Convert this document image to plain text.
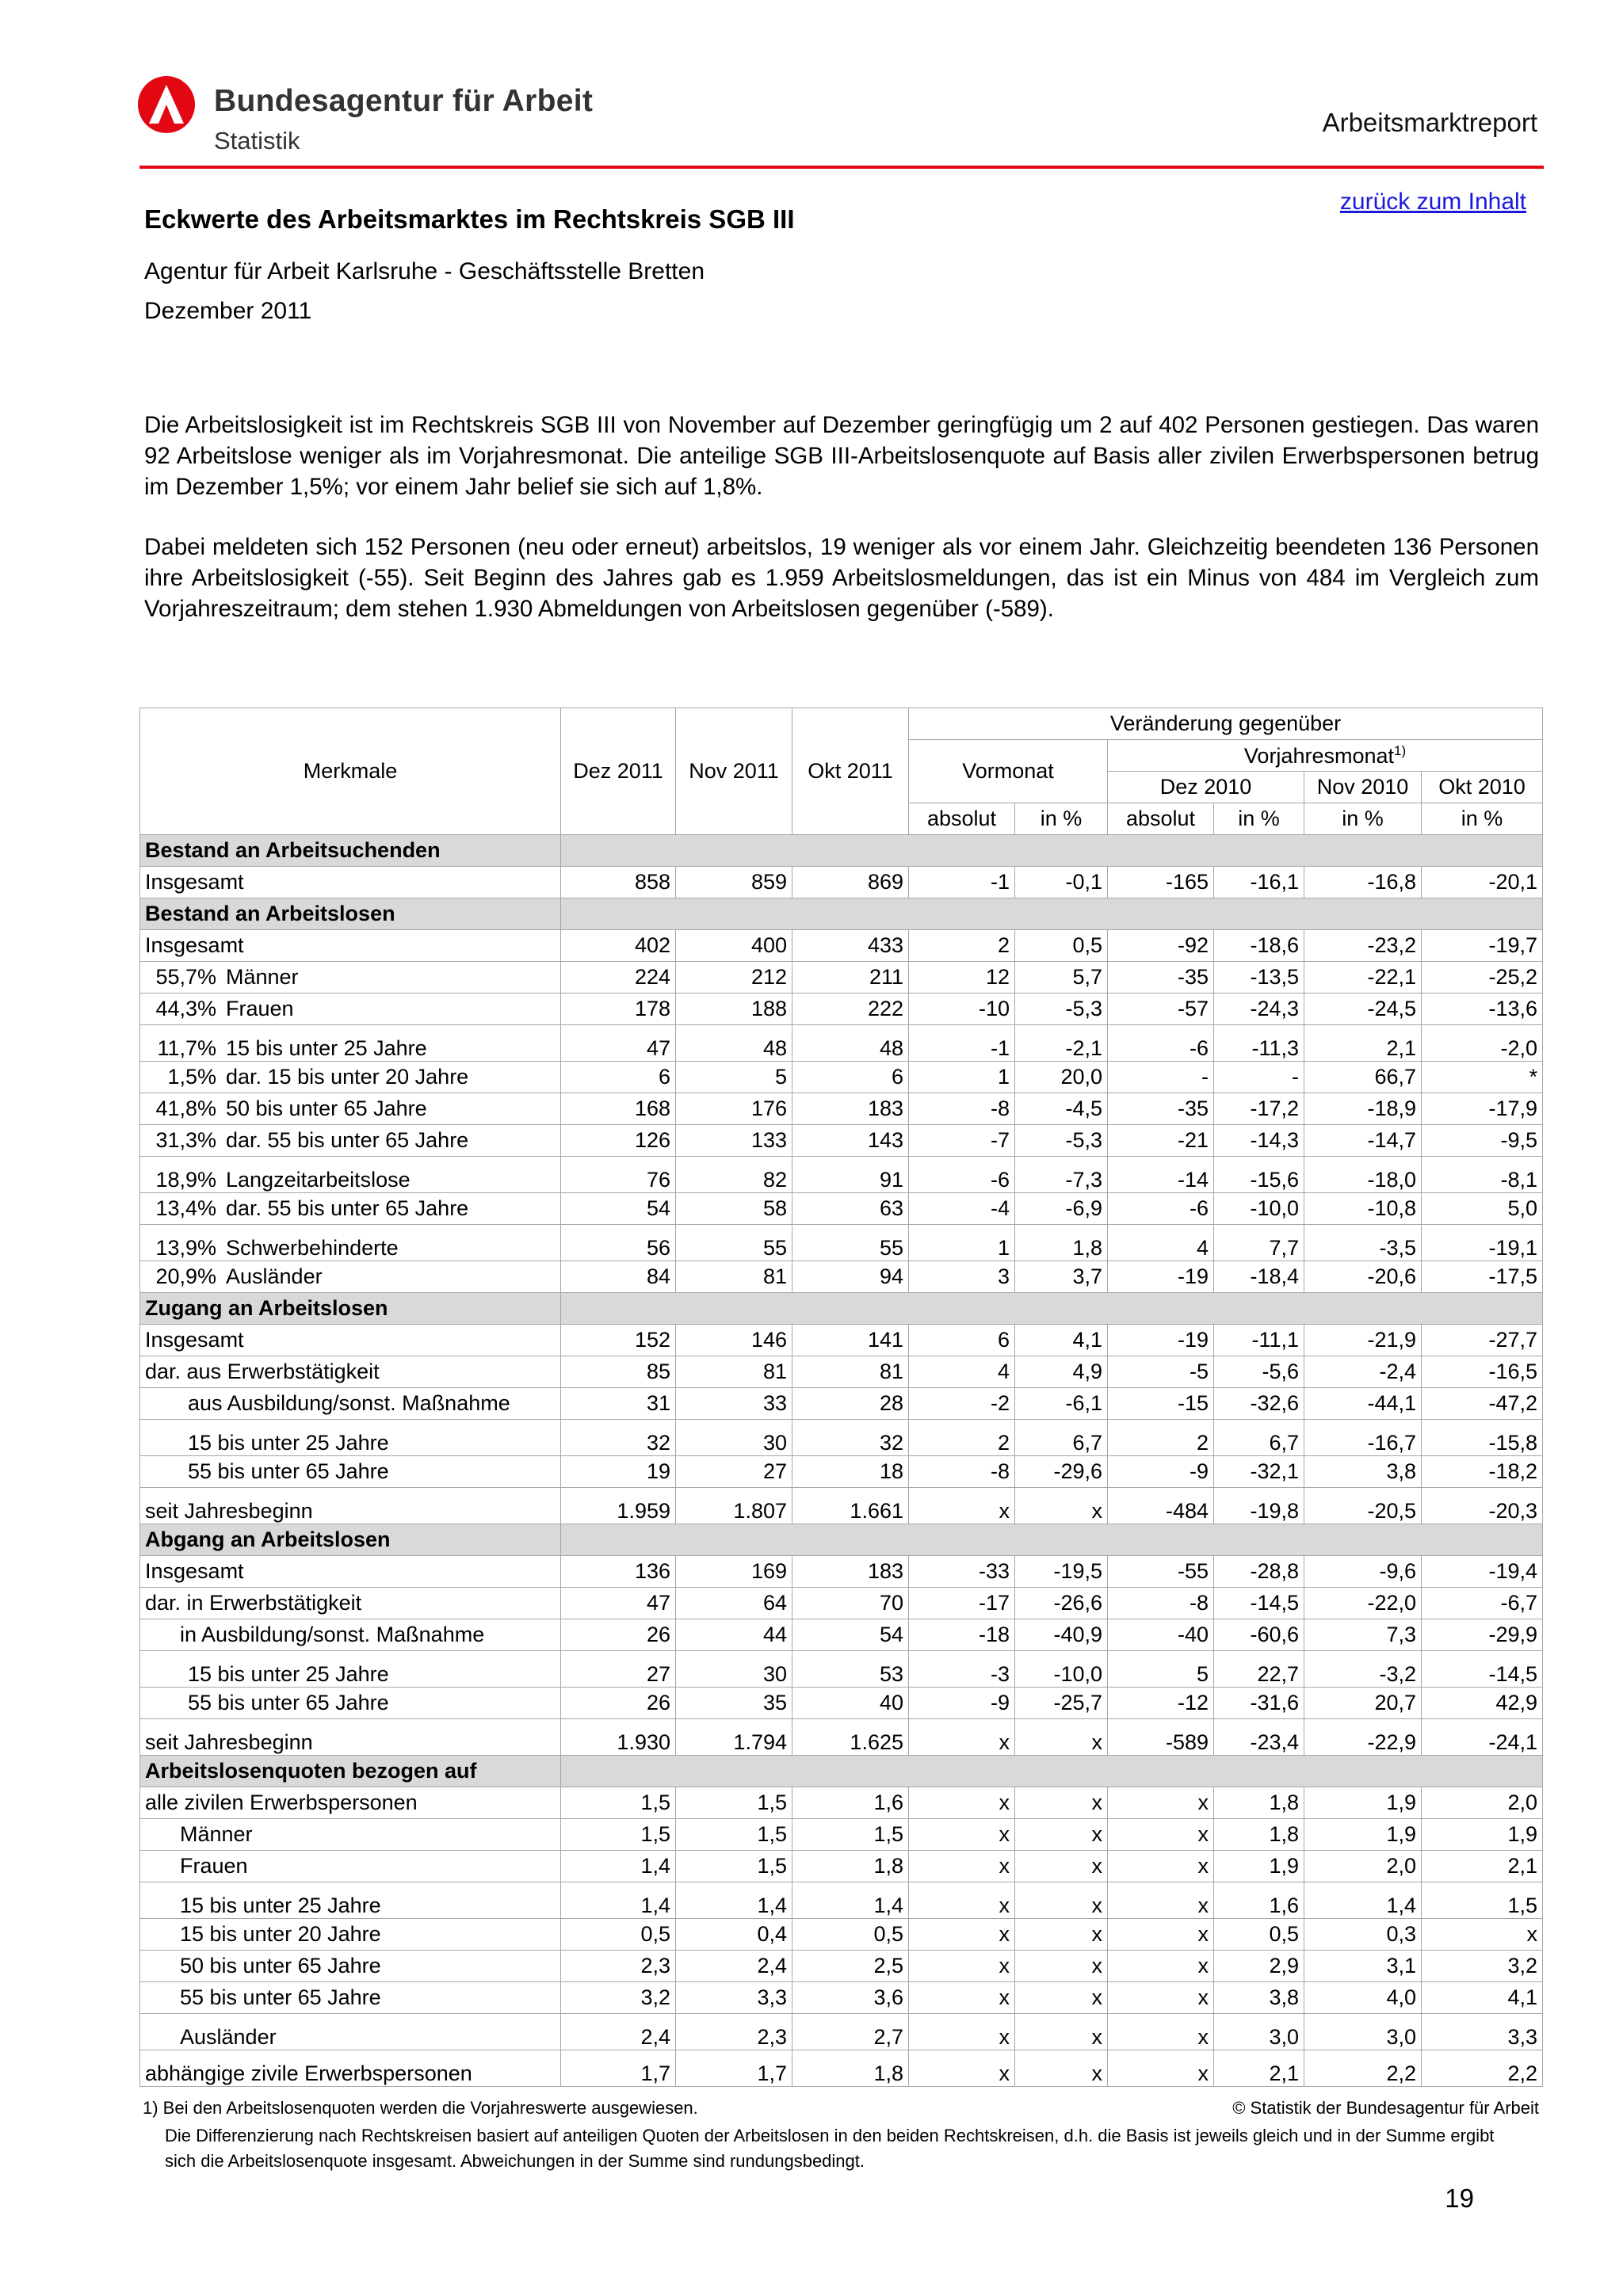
Bundesagentur für Arbeit
Statistik
Arbeitsmarktreport
zurück zum Inhalt
Eckwerte des Arbeitsmarktes im Rechtskreis SGB III
Agentur für Arbeit Karlsruhe - Geschäftsstelle Bretten
Dezember 2011
Die Arbeitslosigkeit ist im Rechtskreis SGB III von November auf Dezember geringfügig um 2 auf 402 Personen gestiegen. Das waren 92 Arbeitslose weniger als im Vorjahresmonat. Die anteilige SGB III-Arbeitslosenquote auf Basis aller zivilen Erwerbspersonen betrug im Dezember 1,5%; vor einem Jahr belief sie sich auf 1,8%.
Dabei meldeten sich 152 Personen (neu oder erneut) arbeitslos, 19 weniger als vor einem Jahr. Gleichzeitig beendeten 136 Personen ihre Arbeitslosigkeit (-55). Seit Beginn des Jahres gab es 1.959 Arbeitslosmeldungen, das ist ein Minus von 484 im Vergleich zum Vorjahreszeitraum; dem stehen 1.930 Abmeldungen von Arbeitslosen gegenüber (-589).
Merkmale	Dez 2011	Nov 2011	Okt 2011	Veränderung gegenüber					
				Vormonat		Vorjahresmonat$^{1)}$
						Dez 2010		Nov 2010	Okt 2010
				absolut	in %	absolut	in %	in %	in %
Bestand an Arbeitsuchenden									
Insgesamt	858	859	869	-1	-0,1	-165	-16,1	-16,8	-20,1
Bestand an Arbeitslosen									
Insgesamt	402	400	433	2	0,5	-92	-18,6	-23,2	-19,7
55,7% Männer	224	212	211	12	5,7	-35	-13,5	-22,1	-25,2
44,3% Frauen	178	188	222	-10	-5,3	-57	-24,3	-24,5	-13,6
11,7% 15 bis unter 25 Jahre	47	48	48	-1	-2,1	-6	-11,3	2,1	-2,0
1,5% dar. 15 bis unter 20 Jahre	6	5	6	1	20,0	-	-	66,7	*
41,8% 50 bis unter 65 Jahre	168	176	183	-8	-4,5	-35	-17,2	-18,9	-17,9
31,3% dar. 55 bis unter 65 Jahre	126	133	143	-7	-5,3	-21	-14,3	-14,7	-9,5
18,9% Langzeitarbeitslose	76	82	91	-6	-7,3	-14	-15,6	-18,0	-8,1
13,4% dar. 55 bis unter 65 Jahre	54	58	63	-4	-6,9	-6	-10,0	-10,8	5,0
13,9% Schwerbehinderte	56	55	55	1	1,8	4	7,7	-3,5	-19,1
20,9% Ausländer	84	81	94	3	3,7	-19	-18,4	-20,6	-17,5
Zugang an Arbeitslosen									
Insgesamt	152	146	141	6	4,1	-19	-11,1	-21,9	-27,7
dar. aus Erwerbstätigkeit	85	81	81	4	4,9	-5	-5,6	-2,4	-16,5
aus Ausbildung/sonst. Maßnahme	31	33	28	-2	-6,1	-15	-32,6	-44,1	-47,2
15 bis unter 25 Jahre	32	30	32	2	6,7	2	6,7	-16,7	-15,8
55 bis unter 65 Jahre	19	27	18	-8	-29,6	-9	-32,1	3,8	-18,2
seit Jahresbeginn	1.959	1.807	1.661	x	x	-484	-19,8	-20,5	-20,3
Abgang an Arbeitslosen									
Insgesamt	136	169	183	-33	-19,5	-55	-28,8	-9,6	-19,4
dar. in Erwerbstätigkeit	47	64	70	-17	-26,6	-8	-14,5	-22,0	-6,7
in Ausbildung/sonst. Maßnahme	26	44	54	-18	-40,9	-40	-60,6	7,3	-29,9
15 bis unter 25 Jahre	27	30	53	-3	-10,0	5	22,7	-3,2	-14,5
55 bis unter 65 Jahre	26	35	40	-9	-25,7	-12	-31,6	20,7	42,9
seit Jahresbeginn	1.930	1.794	1.625	x	x	-589	-23,4	-22,9	-24,1
Arbeitslosenquoten bezogen auf									
alle zivilen Erwerbspersonen	1,5	1,5	1,6	x	x	x	1,8	1,9	2,0
Männer	1,5	1,5	1,5	x	x	x	1,8	1,9	1,9
Frauen	1,4	1,5	1,8	x	x	x	1,9	2,0	2,1
15 bis unter 25 Jahre	1,4	1,4	1,4	x	x	x	1,6	1,4	1,5
15 bis unter 20 Jahre	0,5	0,4	0,5	x	x	x	0,5	0,3	x
50 bis unter 65 Jahre	2,3	2,4	2,5	x	x	x	2,9	3,1	3,2
55 bis unter 65 Jahre	3,2	3,3	3,6	x	x	x	3,8	4,0	4,1
Ausländer	2,4	2,3	2,7	x	x	x	3,0	3,0	3,3
abhängige zivile Erwerbspersonen	1,7	1,7	1,8	x	x	x	2,1	2,2	2,2
1) Bei den Arbeitslosenquoten werden die Vorjahreswerte ausgewiesen.	© Statistik der Bundesagentur für Arbeit
Die Differenzierung nach Rechtskreisen basiert auf anteiligen Quoten der Arbeitslosen in den beiden Rechtskreisen, d.h. die Basis ist jeweils gleich und in der Summe ergibt sich die Arbeitslosenquote insgesamt. Abweichungen in der Summe sind rundungsbedingt.
19
